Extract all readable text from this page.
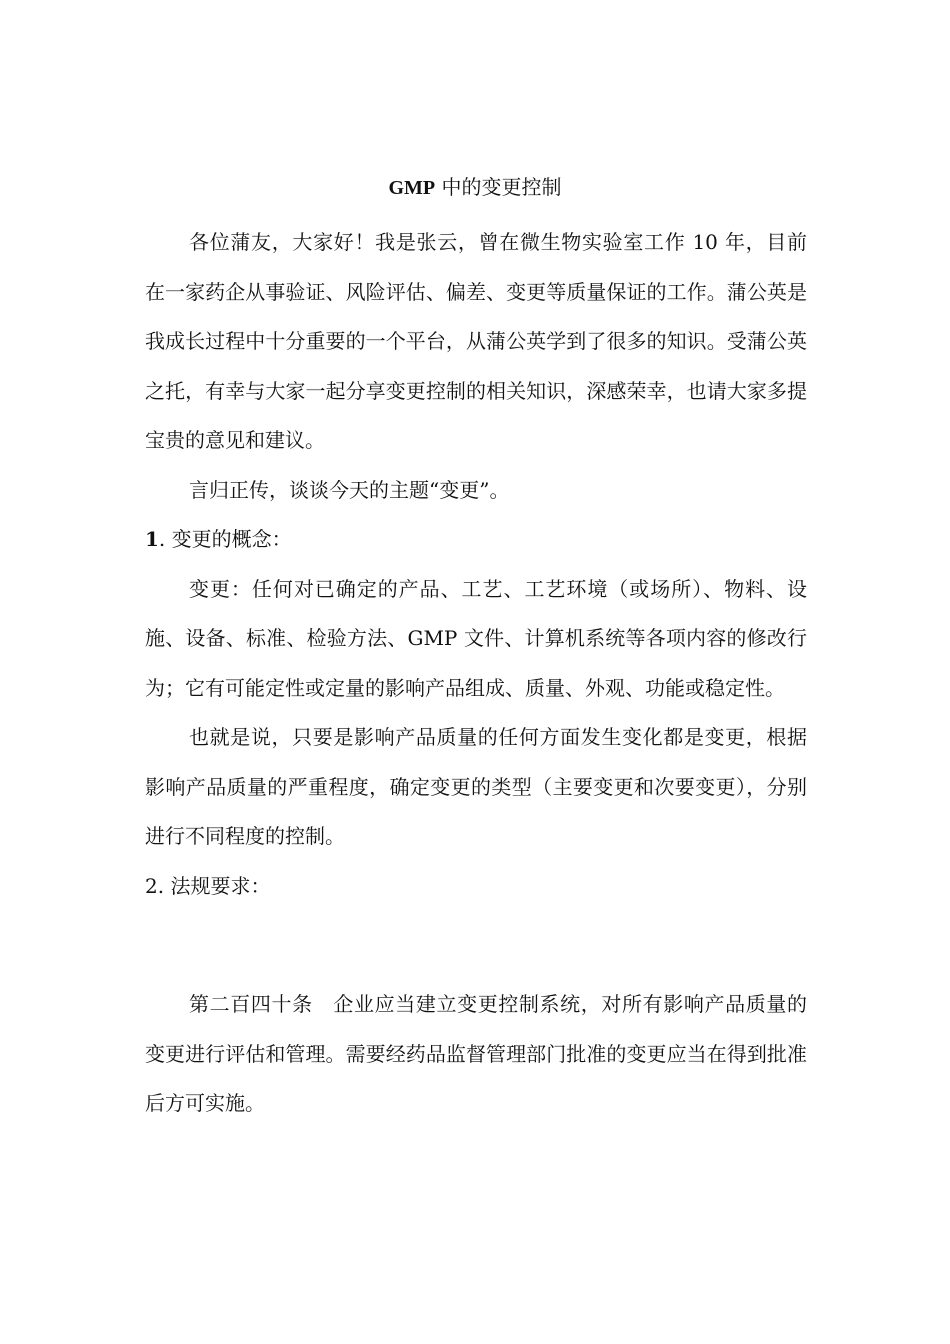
GMP 中的变更控制

各位蒲友，大家好！我是张云，曾在微生物实验室工作 10 年，目前在一家药企从事验证、风险评估、偏差、变更等质量保证的工作。蒲公英是我成长过程中十分重要的一个平台，从蒲公英学到了很多的知识。受蒲公英之托，有幸与大家一起分享变更控制的相关知识，深感荣幸，也请大家多提宝贵的意见和建议。

言归正传，谈谈今天的主题“变更”。

1. 变更的概念：

变更：任何对已确定的产品、工艺、工艺环境（或场所）、物料、设施、设备、标准、检验方法、GMP 文件、计算机系统等各项内容的修改行为；它有可能定性或定量的影响产品组成、质量、外观、功能或稳定性。

也就是说，只要是影响产品质量的任何方面发生变化都是变更，根据影响产品质量的严重程度，确定变更的类型（主要变更和次要变更），分别进行不同程度的控制。

2. 法规要求：

第二百四十条　企业应当建立变更控制系统，对所有影响产品质量的变更进行评估和管理。需要经药品监督管理部门批准的变更应当在得到批准后方可实施。
